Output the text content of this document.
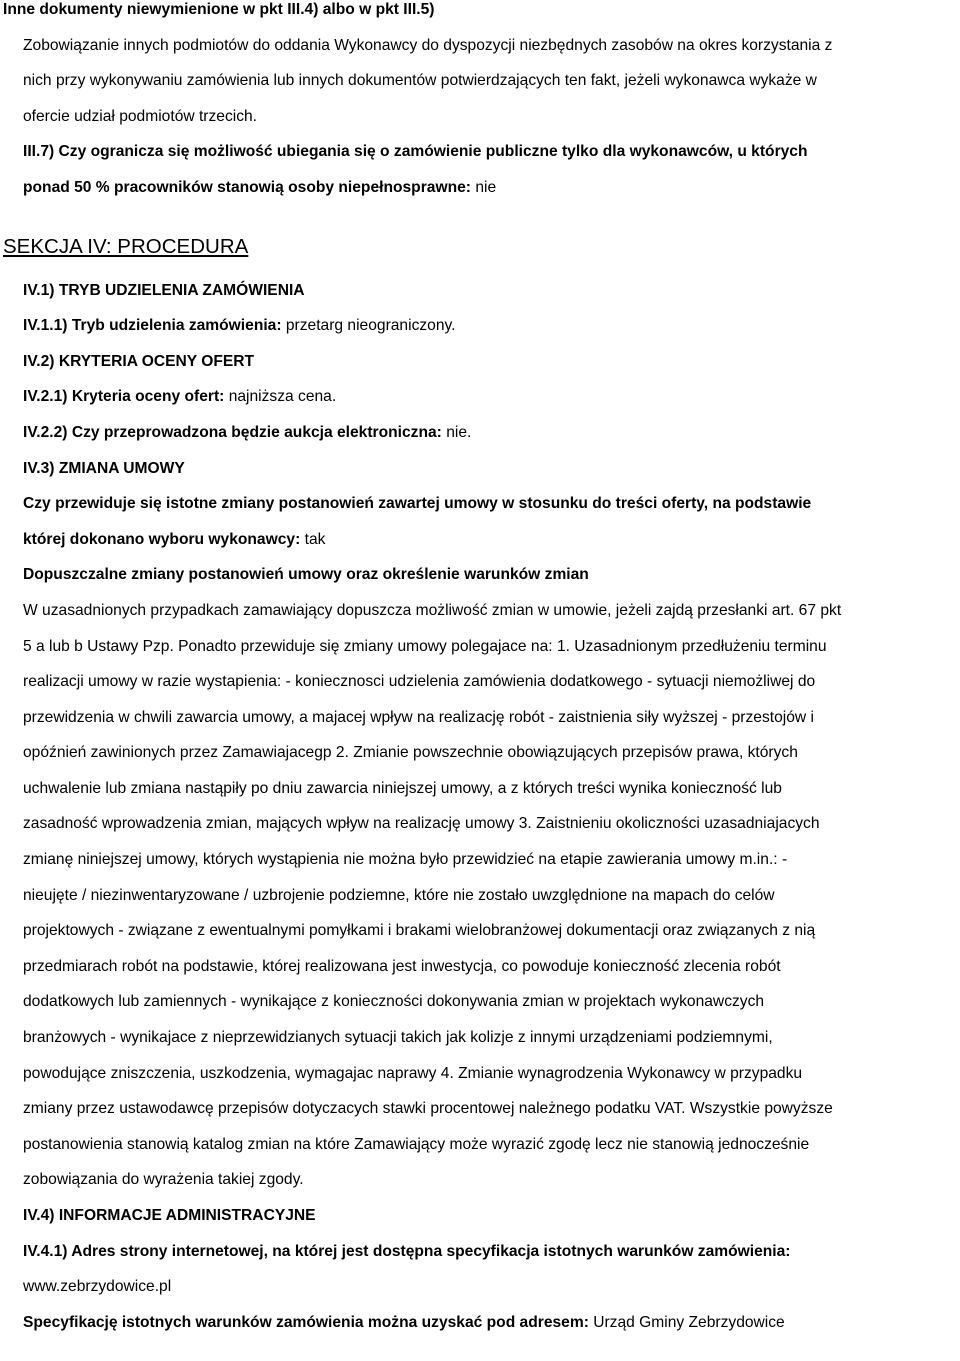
Inne dokumenty niewymienione w pkt III.4) albo w pkt III.5)
Zobowiązanie innych podmiotów do oddania Wykonawcy do dyspozycji niezbędnych zasobów na okres korzystania z
nich przy wykonywaniu zamówienia lub innych dokumentów potwierdzających ten fakt, jeżeli wykonawca wykaże w
ofercie udział podmiotów trzecich.
III.7) Czy ogranicza się możliwość ubiegania się o zamówienie publiczne tylko dla wykonawców, u których
ponad 50 % pracowników stanowią osoby niepełnosprawne: nie
SEKCJA IV: PROCEDURA
IV.1) TRYB UDZIELENIA ZAMÓWIENIA
IV.1.1) Tryb udzielenia zamówienia: przetarg nieograniczony.
IV.2) KRYTERIA OCENY OFERT
IV.2.1) Kryteria oceny ofert: najniższa cena.
IV.2.2) Czy przeprowadzona będzie aukcja elektroniczna: nie.
IV.3) ZMIANA UMOWY
Czy przewiduje się istotne zmiany postanowień zawartej umowy w stosunku do treści oferty, na podstawie
której dokonano wyboru wykonawcy: tak
Dopuszczalne zmiany postanowień umowy oraz określenie warunków zmian
W uzasadnionych przypadkach zamawiający dopuszcza możliwość zmian w umowie, jeżeli zajdą przesłanki art. 67 pkt
5 a lub b Ustawy Pzp. Ponadto przewiduje się zmiany umowy polegajace na: 1. Uzasadnionym przedłużeniu terminu
realizacji umowy w razie wystapienia: - koniecznosci udzielenia zamówienia dodatkowego - sytuacji niemożliwej do
przewidzenia w chwili zawarcia umowy, a majacej wpływ na realizację robót - zaistnienia siły wyższej - przestojów i
opóźnień zawinionych przez Zamawiajacegp 2. Zmianie powszechnie obowiązujących przepisów prawa, których
uchwalenie lub zmiana nastąpiły po dniu zawarcia niniejszej umowy, a z których treści wynika konieczność lub
zasadność wprowadzenia zmian, mających wpływ na realizację umowy 3. Zaistnieniu okoliczności uzasadniajacych
zmianę niniejszej umowy, których wystąpienia nie można było przewidzieć na etapie zawierania umowy m.in.: -
nieujęte / niezinwentaryzowane / uzbrojenie podziemne, które nie zostało uwzględnione na mapach do celów
projektowych - związane z ewentualnymi pomyłkami i brakami wielobranżowej dokumentacji oraz związanych z nią
przedmiarach robót na podstawie, której realizowana jest inwestycja, co powoduje konieczność zlecenia robót
dodatkowych lub zamiennych - wynikające z konieczności dokonywania zmian w projektach wykonawczych
branżowych - wynikajace z nieprzewidzianych sytuacji takich jak kolizje z innymi urządzeniami podziemnymi,
powodujące zniszczenia, uszkodzenia, wymagajac naprawy 4. Zmianie wynagrodzenia Wykonawcy w przypadku
zmiany przez ustawodawcę przepisów dotyczacych stawki procentowej należnego podatku VAT. Wszystkie powyższe
postanowienia stanowią katalog zmian na które Zamawiający może wyrazić zgodę lecz nie stanowią jednocześnie
zobowiązania do wyrażenia takiej zgody.
IV.4) INFORMACJE ADMINISTRACYJNE
IV.4.1) Adres strony internetowej, na której jest dostępna specyfikacja istotnych warunków zamówienia:
www.zebrzydowice.pl
Specyfikację istotnych warunków zamówienia można uzyskać pod adresem: Urząd Gminy Zebrzydowice
